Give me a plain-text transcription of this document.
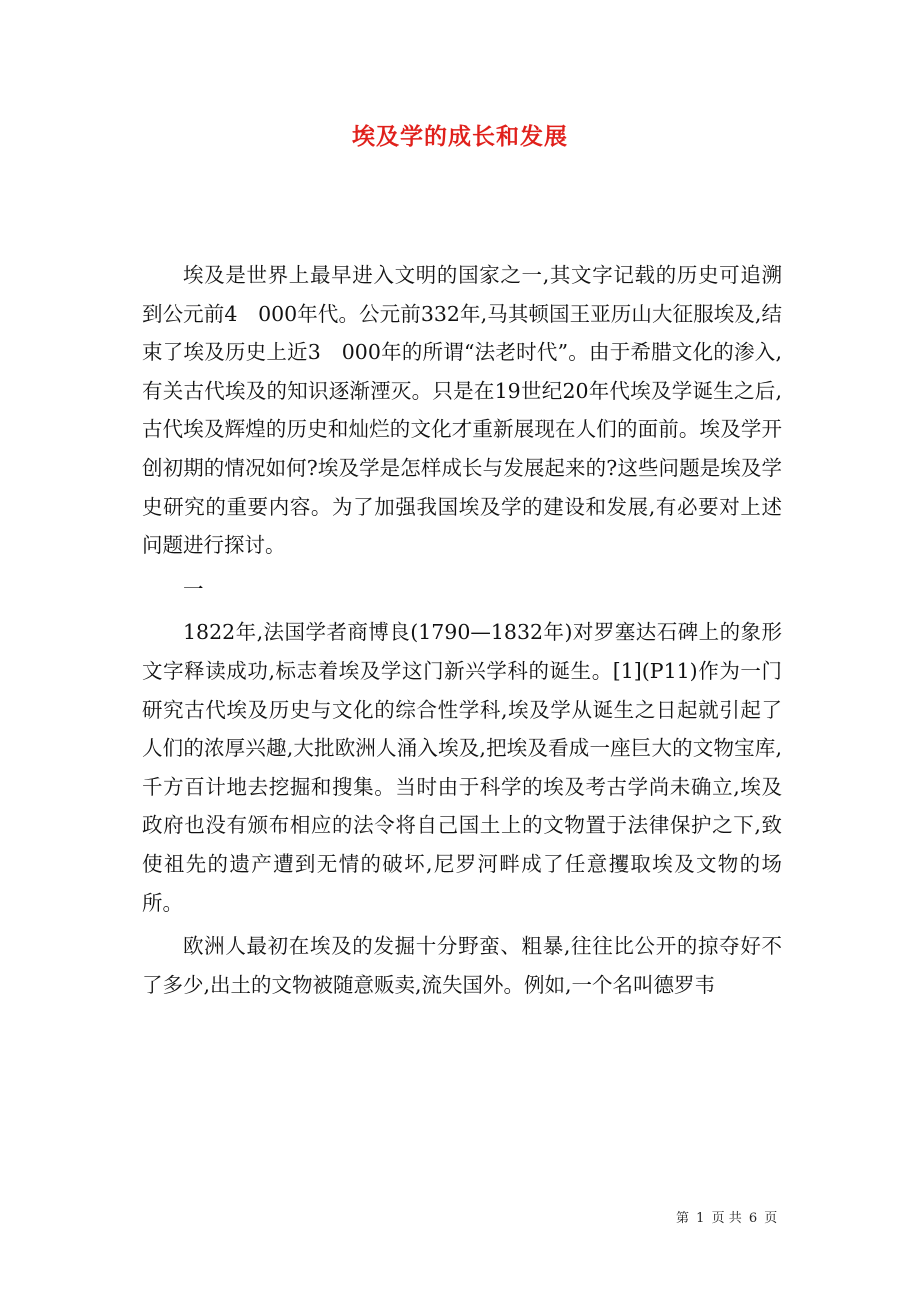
埃及学的成长和发展

埃及是世界上最早进入文明的国家之一,其文字记载的历史可追溯到公元前4　000年代。公元前332年,马其顿国王亚历山大征服埃及,结束了埃及历史上近3　000年的所谓“法老时代”。由于希腊文化的渗入,有关古代埃及的知识逐渐湮灭。只是在19世纪20年代埃及学诞生之后,古代埃及辉煌的历史和灿烂的文化才重新展现在人们的面前。埃及学开创初期的情况如何?埃及学是怎样成长与发展起来的?这些问题是埃及学史研究的重要内容。为了加强我国埃及学的建设和发展,有必要对上述问题进行探讨。

一

1822年,法国学者商博良(1790—1832年)对罗塞达石碑上的象形文字释读成功,标志着埃及学这门新兴学科的诞生。[1](P11)作为一门研究古代埃及历史与文化的综合性学科,埃及学从诞生之日起就引起了人们的浓厚兴趣,大批欧洲人涌入埃及,把埃及看成一座巨大的文物宝库,千方百计地去挖掘和搜集。当时由于科学的埃及考古学尚未确立,埃及政府也没有颁布相应的法令将自己国土上的文物置于法律保护之下,致使祖先的遗产遭到无情的破坏,尼罗河畔成了任意攫取埃及文物的场所。

欧洲人最初在埃及的发掘十分野蛮、粗暴,往往比公开的掠夺好不了多少,出土的文物被随意贩卖,流失国外。例如,一个名叫德罗韦

第 1 页 共 6 页
